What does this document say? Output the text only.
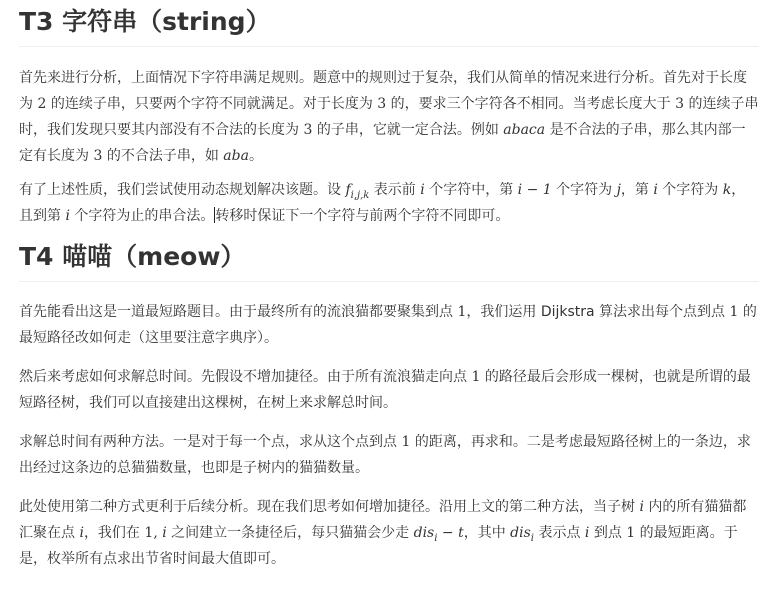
T3 字符串（string）

首先来进行分析，上面情况下字符串满足规则。题意中的规则过于复杂，我们从简单的情况来进行分析。首先对于长度为 2 的连续子串，只要两个字符不同就满足。对于长度为 3 的，要求三个字符各不相同。当考虑长度大于 3 的连续子串时，我们发现只要其内部没有不合法的长度为 3 的子串，它就一定合法。例如 abaca 是不合法的子串，那么其内部一定有长度为 3 的不合法子串，如 aba。

有了上述性质，我们尝试使用动态规划解决该题。设 $f_{i,j,k}$ 表示前 i 个字符中，第 i − 1 个字符为 j，第 i 个字符为 k，且到第 i 个字符为止的串合法。转移时保证下一个字符与前两个字符不同即可。

T4 喵喵（meow）

首先能看出这是一道最短路题目。由于最终所有的流浪猫都要聚集到点 1，我们运用 Dijkstra 算法求出每个点到点 1 的最短路径改如何走（这里要注意字典序）。

然后来考虑如何求解总时间。先假设不增加捷径。由于所有流浪猫走向点 1 的路径最后会形成一棵树，也就是所谓的最短路径树，我们可以直接建出这棵树，在树上来求解总时间。

求解总时间有两种方法。一是对于每一个点，求从这个点到点 1 的距离，再求和。二是考虑最短路径树上的一条边，求出经过这条边的总猫猫数量，也即是子树内的猫猫数量。

此处使用第二种方式更利于后续分析。现在我们思考如何增加捷径。沿用上文的第二种方法，当子树 i 内的所有猫猫都汇聚在点 i，我们在 1, i 之间建立一条捷径后，每只猫猫会少走 dis$_i$ − t，其中 dis$_i$ 表示点 i 到点 1 的最短距离。于是，枚举所有点求出节省时间最大值即可。
